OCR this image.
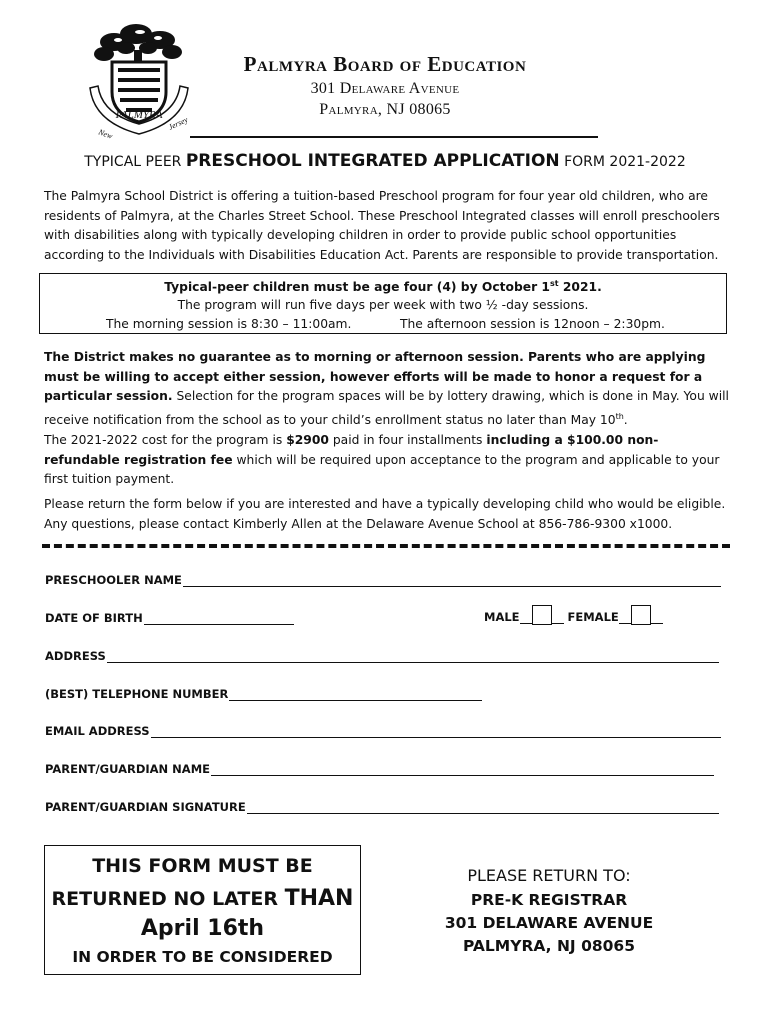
PALMYRA
New
Jersey
Palmyra Board of Education
301 Delaware Avenue
Palmyra, NJ 08065
TYPICAL PEER PRESCHOOL INTEGRATED APPLICATION FORM 2021-2022
The Palmyra School District is offering a tuition-based Preschool program for four year old children, who are residents of Palmyra, at the Charles Street School. These Preschool Integrated classes will enroll preschoolers with disabilities along with typically developing children in order to provide public school opportunities according to the Individuals with Disabilities Education Act. Parents are responsible to provide transportation.
Typical-peer children must be age four (4) by October 1st 2021.
The program will run five days per week with two ½ -day sessions.
The morning session is 8:30 – 11:00am.	The afternoon session is 12noon – 2:30pm.
The District makes no guarantee as to morning or afternoon session. Parents who are applying must be willing to accept either session, however efforts will be made to honor a request for a particular session. Selection for the program spaces will be by lottery drawing, which is done in May. You will receive notification from the school as to your child’s enrollment status no later than May 10th.
The 2021-2022 cost for the program is $2900 paid in four installments including a $100.00 non-refundable registration fee which will be required upon acceptance to the program and applicable to your first tuition payment.
Please return the form below if you are interested and have a typically developing child who would be eligible. Any questions, please contact Kimberly Allen at the Delaware Avenue School at 856-786-9300 x1000.
PRESCHOOLER NAME
DATE OF BIRTH	MALE	FEMALE
ADDRESS
(BEST) TELEPHONE NUMBER
EMAIL ADDRESS
PARENT/GUARDIAN NAME
PARENT/GUARDIAN SIGNATURE
THIS FORM MUST BE
RETURNED NO LATER THAN
April 16th
IN ORDER TO BE CONSIDERED
PLEASE RETURN TO:
PRE-K REGISTRAR
301 DELAWARE AVENUE
PALMYRA, NJ 08065
